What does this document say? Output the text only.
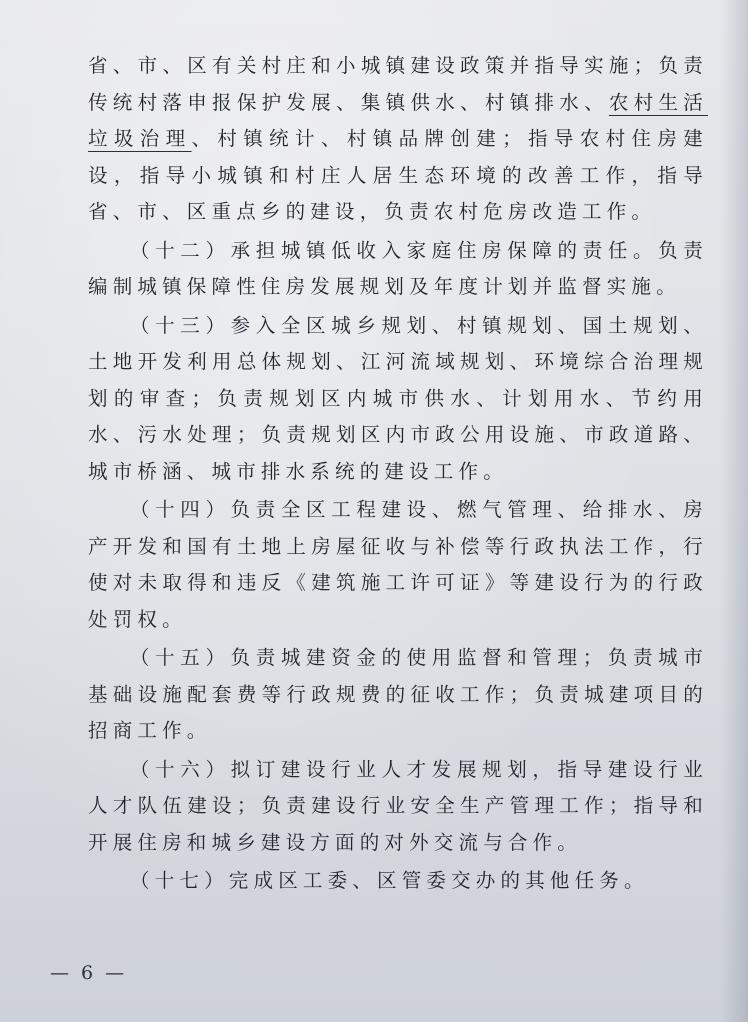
省、市、区有关村庄和小城镇建设政策并指导实施；负责传统村落申报保护发展、集镇供水、村镇排水、农村生活垃圾治理、村镇统计、村镇品牌创建；指导农村住房建设，指导小城镇和村庄人居生态环境的改善工作，指导省、市、区重点乡的建设，负责农村危房改造工作。

（十二）承担城镇低收入家庭住房保障的责任。负责编制城镇保障性住房发展规划及年度计划并监督实施。

（十三）参入全区城乡规划、村镇规划、国土规划、土地开发利用总体规划、江河流域规划、环境综合治理规划的审查；负责规划区内城市供水、计划用水、节约用水、污水处理；负责规划区内市政公用设施、市政道路、城市桥涵、城市排水系统的建设工作。

（十四）负责全区工程建设、燃气管理、给排水、房产开发和国有土地上房屋征收与补偿等行政执法工作，行使对未取得和违反《建筑施工许可证》等建设行为的行政处罚权。

（十五）负责城建资金的使用监督和管理；负责城市基础设施配套费等行政规费的征收工作；负责城建项目的招商工作。

（十六）拟订建设行业人才发展规划，指导建设行业人才队伍建设；负责建设行业安全生产管理工作；指导和开展住房和城乡建设方面的对外交流与合作。

（十七）完成区工委、区管委交办的其他任务。

— 6 —
